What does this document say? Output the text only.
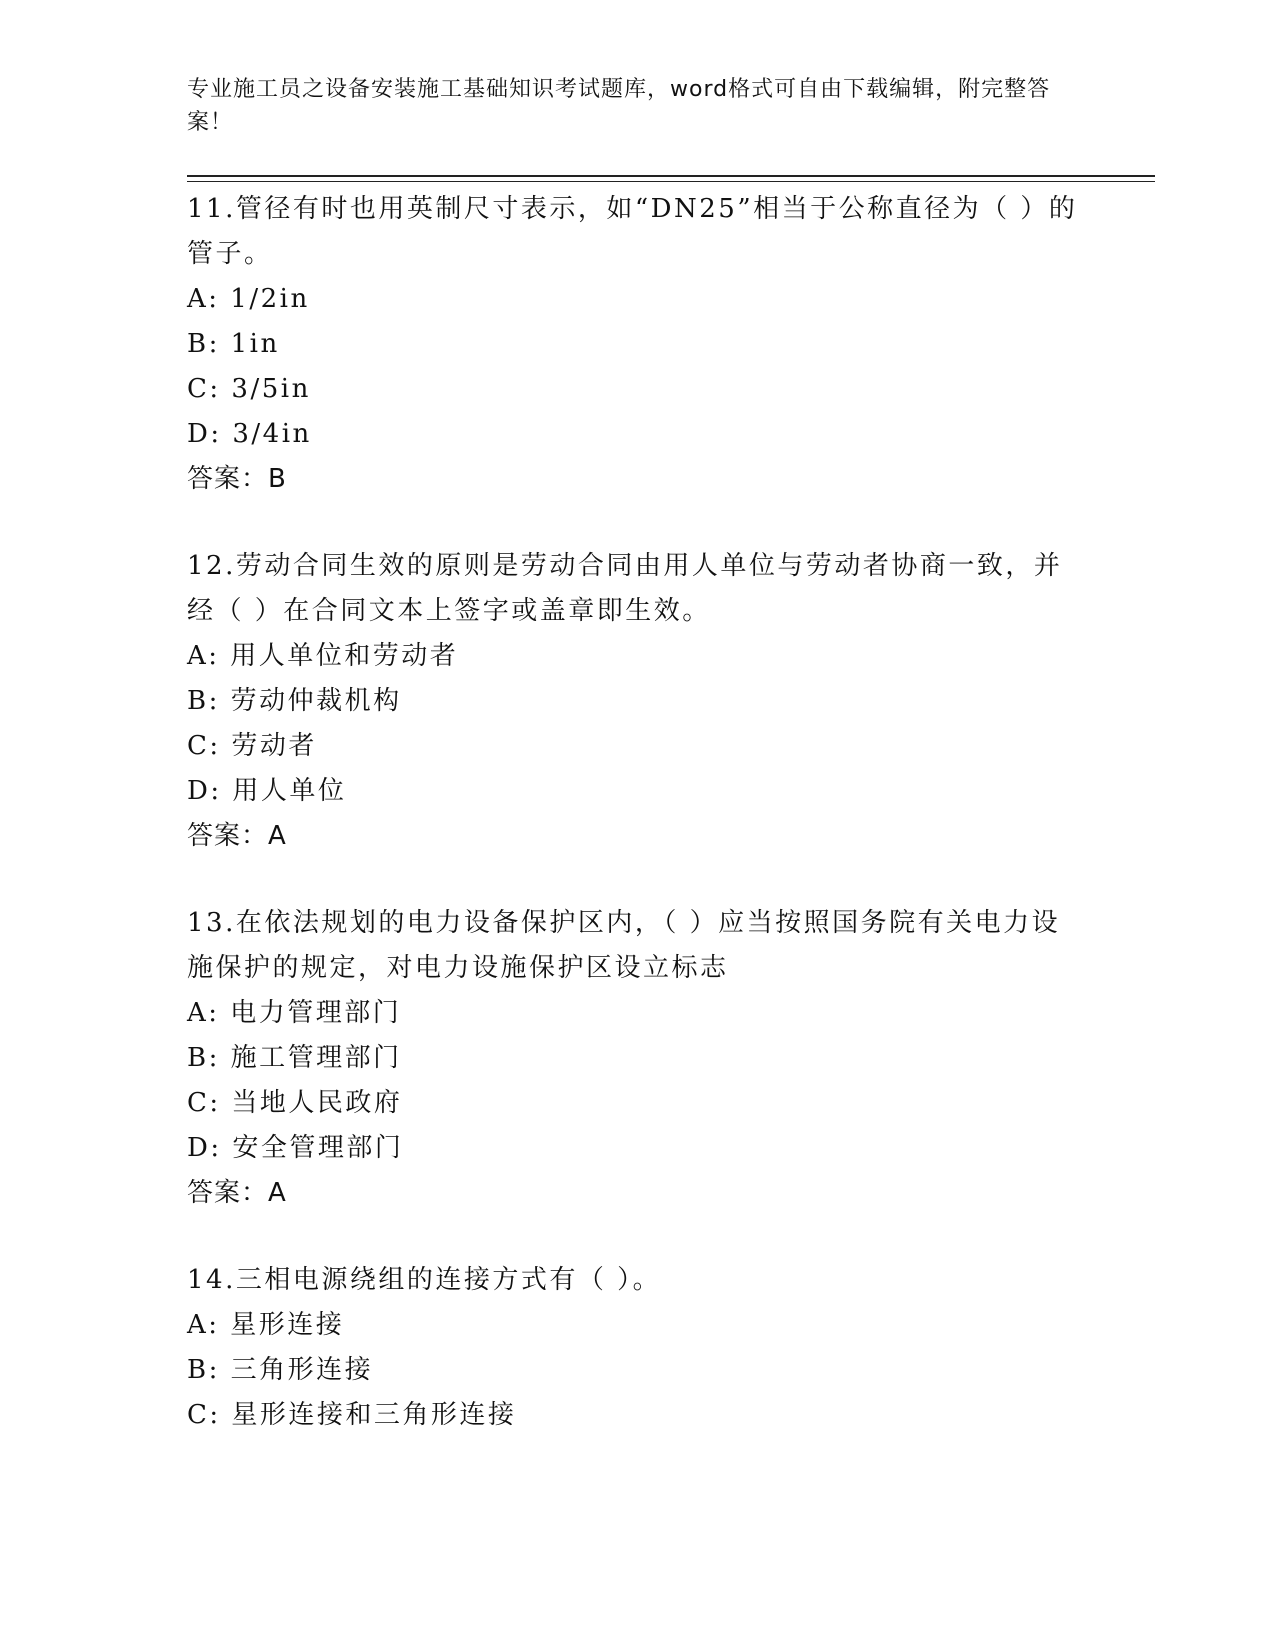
专业施工员之设备安装施工基础知识考试题库，word格式可自由下载编辑，附完整答案！

11.管径有时也用英制尺寸表示，如“DN25”相当于公称直径为（ ）的管子。

A: 1/2in

B: 1in

C: 3/5in

D: 3/4in

答案：B

12.劳动合同生效的原则是劳动合同由用人单位与劳动者协商一致，并经（ ）在合同文本上签字或盖章即生效。

A: 用人单位和劳动者

B: 劳动仲裁机构

C: 劳动者

D: 用人单位

答案：A

13.在依法规划的电力设备保护区内，（ ）应当按照国务院有关电力设施保护的规定，对电力设施保护区设立标志

A: 电力管理部门

B: 施工管理部门

C: 当地人民政府

D: 安全管理部门

答案：A

14.三相电源绕组的连接方式有（ ）。

A: 星形连接

B: 三角形连接

C: 星形连接和三角形连接
